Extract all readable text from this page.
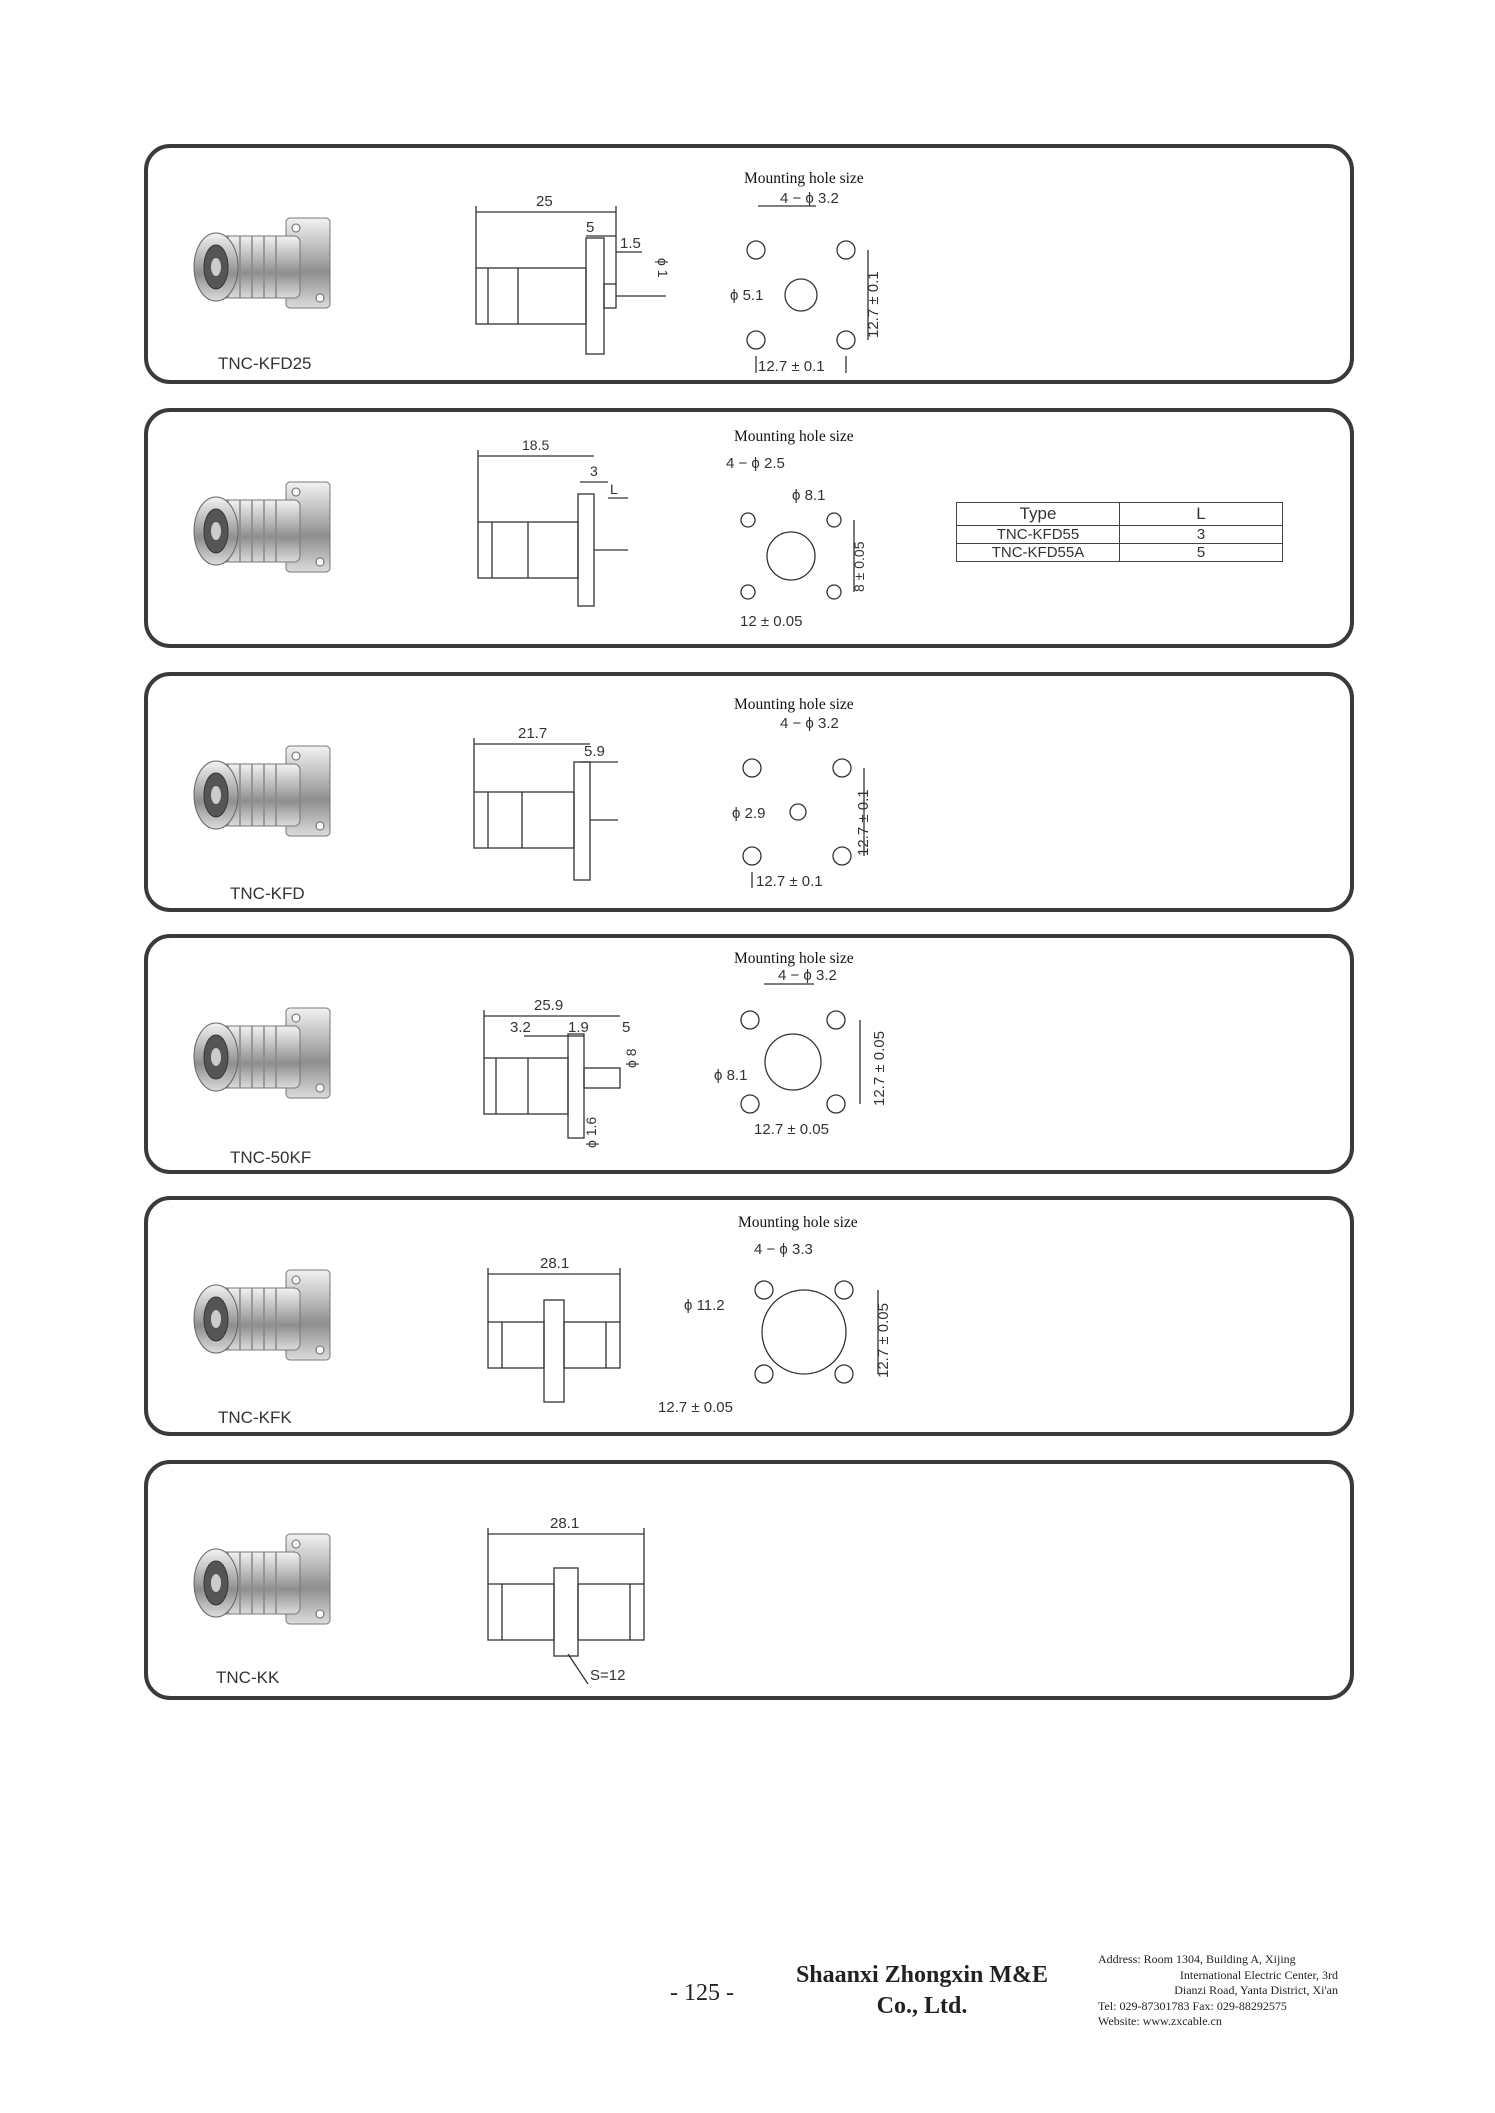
TNC-KFD25
25
5
1.5
ϕ 1
Mounting hole size
4 − ϕ 3.2
ϕ 5.1
12.7 ± 0.1
12.7 ± 0.1
18.5
3
L
Mounting hole size
4 − ϕ 2.5
ϕ 8.1
12 ± 0.05
8 ± 0.05
Type	L
TNC-KFD55	3
TNC-KFD55A	5
TNC-KFD
21.7
5.9
Mounting hole size
4 − ϕ 3.2
ϕ 2.9
12.7 ± 0.1
12.7 ± 0.1
TNC-50KF
25.9
3.2 1.9 5
ϕ 8
ϕ 1.6
Mounting hole size
4 − ϕ 3.2
ϕ 8.1
12.7 ± 0.05
12.7 ± 0.05
TNC-KFK
28.1
Mounting hole size
4 − ϕ 3.3
ϕ 11.2
12.7 ± 0.05
12.7 ± 0.05
TNC-KK
28.1
S=12
- 125 -
Shaanxi Zhongxin M&E
Co., Ltd.
Address: Room 1304, Building A, Xijing
International Electric Center, 3rd
Dianzi Road, Yanta District, Xi'an
Tel: 029-87301783 Fax: 029-88292575
Website: www.zxcable.cn
